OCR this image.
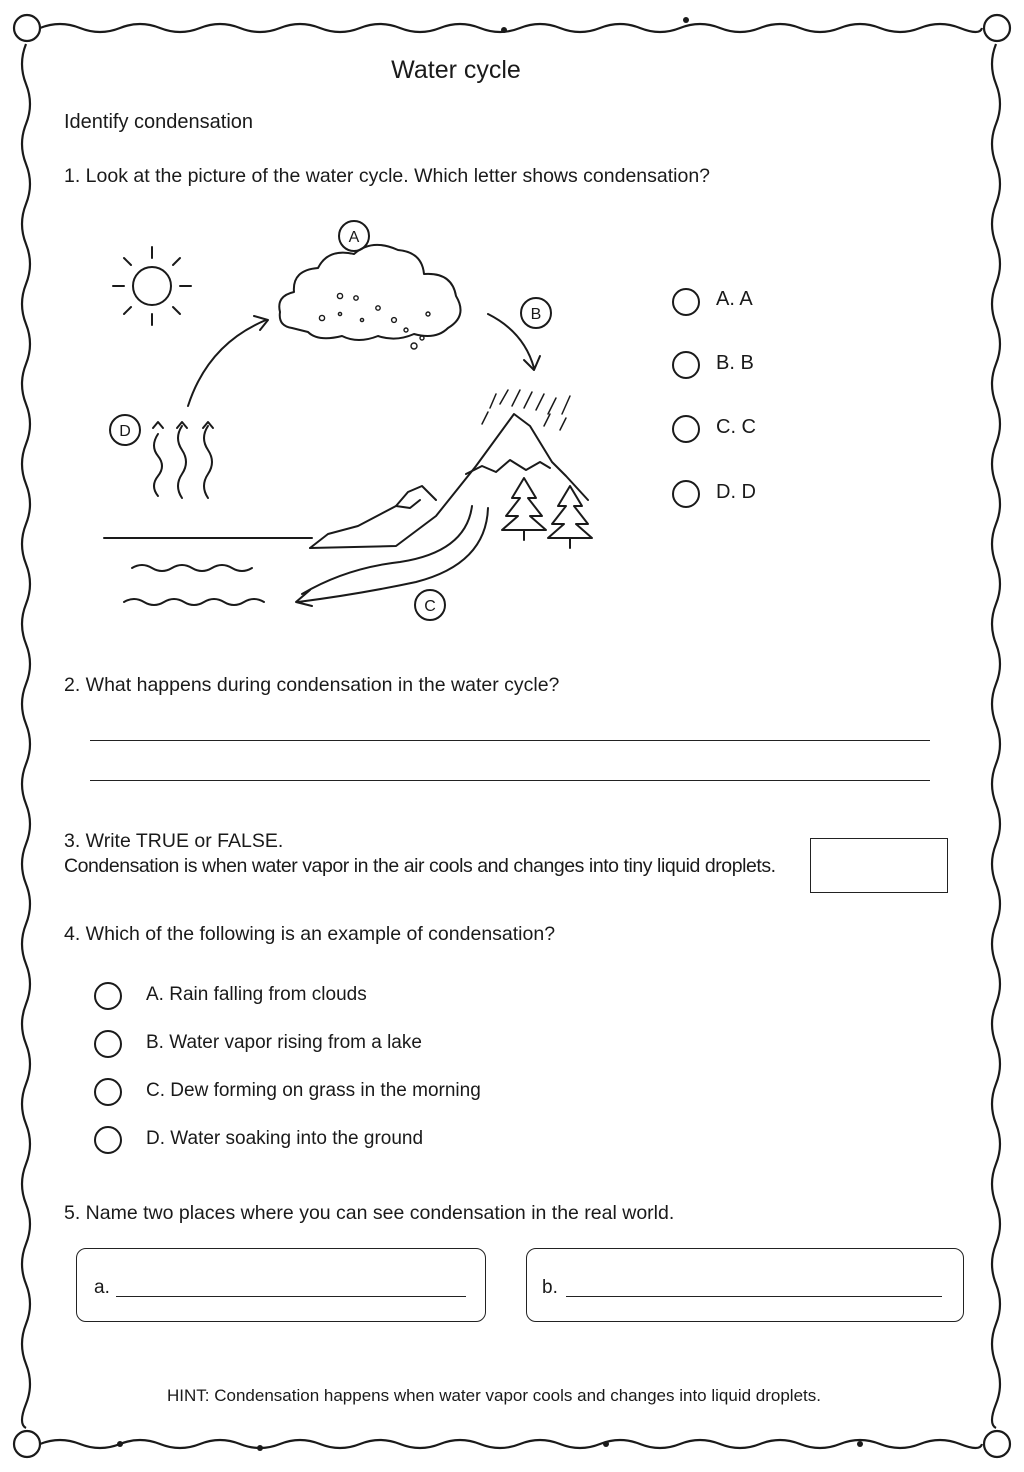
Water cycle
Identify condensation
1. Look at the picture of the water cycle. Which letter shows condensation?
A
B
C
D
A. A
B. B
C. C
D. D
2. What happens during condensation in the water cycle?
3. Write TRUE or FALSE.
Condensation is when water vapor in the air cools and changes into tiny liquid droplets.
4. Which of the following is an example of condensation?
A. Rain falling from clouds
B. Water vapor rising from a lake
C. Dew forming on grass in the morning
D. Water soaking into the ground
5. Name two places where you can see condensation in the real world.
a.	b.
HINT: Condensation happens when water vapor cools and changes into liquid droplets.
